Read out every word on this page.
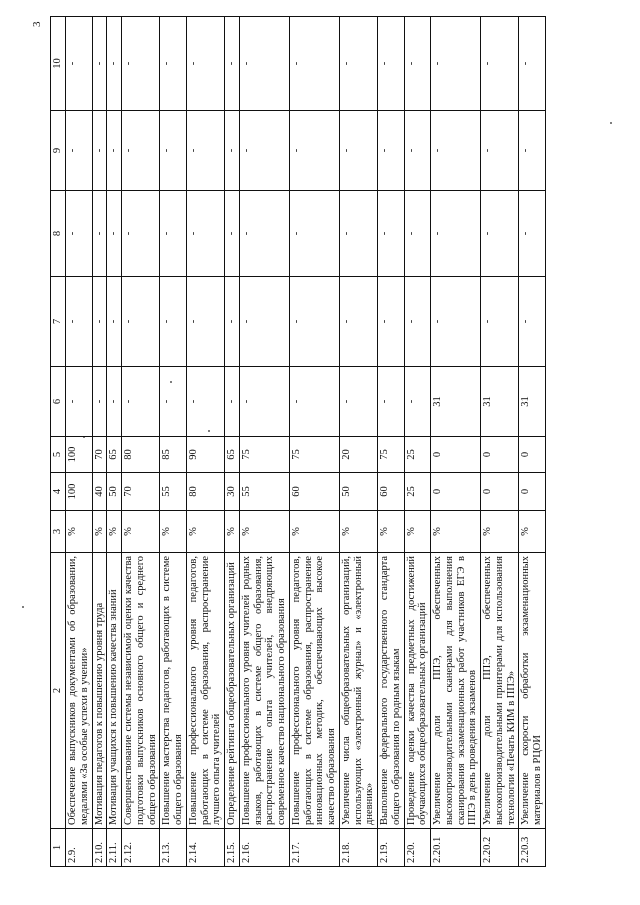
3
1	2	3	4	5	6	7	8	9	10
2.9.	Обеспечение выпускников документами об образовании, медалями «За особые успехи в учении»	%	100	100	-	-	-	-	-
2.10.	Мотивация педагогов к повышению уровня труда	%	40	70	-	-	-	-	-
2.11.	Мотивация учащихся к повышению качества знаний	%	50	65	-	-	-	-	-
2.12.	Совершенствование системы независимой оценки качества подготовки выпускников основного общего и среднего общего образования	%	70	80	-	-	-	-	-
2.13.	Повышение мастерства педагогов, работающих в системе общего образования	%	55	85	-	-	-	-	-
2.14.	Повышение профессионального уровня педагогов, работающих в системе образования, распространение лучшего опыта учителей	%	80	90	-	-	-	-	-
2.15.	Определение рейтинга общеобразовательных организаций	%	30	65	-	-	-	-	-
2.16.	Повышение профессионального уровня учителей родных языков, работающих в системе общего образования, распространение опыта учителей, внедряющих современное качество национального образования	%	55	75	-	-	-	-	-
2.17.	Повышение профессионального уровня педагогов, работающих в системе образования, распространение инновационных методик, обеспечивающих высокое качество образования	%	60	75	-	-	-	-	-
2.18.	Увеличение числа общеобразовательных организаций, использующих «электронный журнал» и «электронный дневник»	%	50	20	-	-	-	-	-
2.19.	Выполнение федерального государственного стандарта общего образования по родным языкам	%	60	75	-	-	-	-	-
2.20.	Проведение оценки качества предметных достижений обучающихся общеобразовательных организаций	%	25	25	-	-	-	-	-
2.20.1	Увеличение доли ППЭ, обеспеченных высокопроизводительными сканерами для выполнения сканирования экзаменационных работ участников ЕГЭ в ППЭ в день проведения экзаменов	%	0	0	31	-	-	-	-
2.20.2	Увеличение доли ППЭ, обеспеченных высокопроизводительными принтерами для использования технологии «Печать КИМ в ППЭ»	%	0	0	31	-	-	-	-
2.20.3	Увеличение скорости обработки экзаменационных материалов в РЦОИ	%	0	0	31	-	-	-	-
